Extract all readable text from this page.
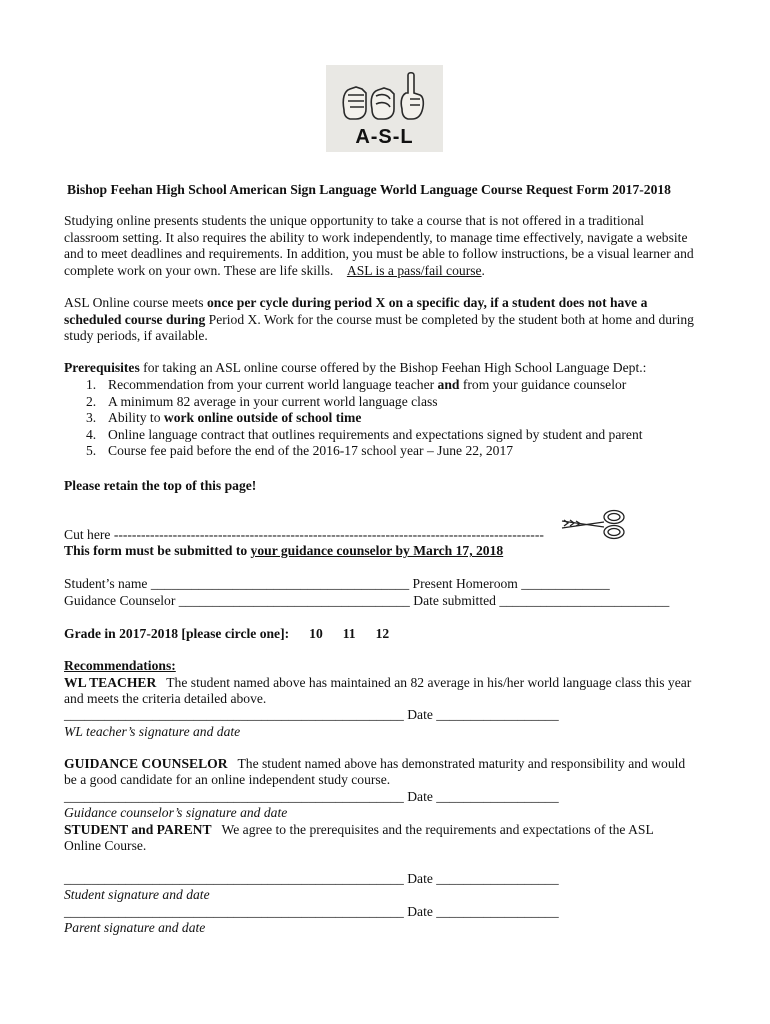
A-S-L
Bishop Feehan High School American Sign Language World Language Course Request Form 2017-2018
Studying online presents students the unique opportunity to take a course that is not offered in a traditional
classroom setting. It also requires the ability to work independently, to manage time effectively, navigate a website
and to meet deadlines and requirements. In addition, you must be able to follow instructions, be a visual learner and
complete work on your own. These are life skills. ASL is a pass/fail course.
ASL Online course meets once per cycle during period X on a specific day, if a student does not have a
scheduled course during Period X. Work for the course must be completed by the student both at home and during
study periods, if available.
Prerequisites for taking an ASL online course offered by the Bishop Feehan High School Language Dept.:
1. Recommendation from your current world language teacher and from your guidance counselor
2. A minimum 82 average in your current world language class
3. Ability to work online outside of school time
4. Online language contract that outlines requirements and expectations signed by student and parent
5. Course fee paid before the end of the 2016-17 school year – June 22, 2017
Please retain the top of this page!
Cut here -----------------------------------------------------------------------------------------------
This form must be submitted to your guidance counselor by March 17, 2018
Student’s name ______________________________________ Present Homeroom _____________
Guidance Counselor __________________________________ Date submitted _________________________
Grade in 2017-2018 [please circle one]: 10 11 12
Recommendations:
WL TEACHER   The student named above has maintained an 82 average in his/her world language class this year
and meets the criteria detailed above.
__________________________________________________ Date __________________
WL teacher’s signature and date
GUIDANCE COUNSELOR   The student named above has demonstrated maturity and responsibility and would
be a good candidate for an online independent study course.
__________________________________________________ Date __________________
Guidance counselor’s signature and date
STUDENT and PARENT   We agree to the prerequisites and the requirements and expectations of the ASL
Online Course.
__________________________________________________ Date __________________
Student signature and date
__________________________________________________ Date __________________
Parent signature and date
